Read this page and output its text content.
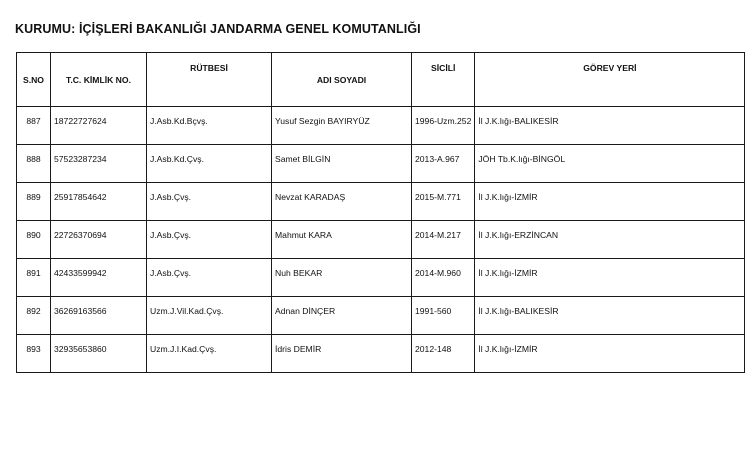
KURUMU: İÇİŞLERİ BAKANLIĞI JANDARMA GENEL KOMUTANLIĞI
S.NO	T.C. KİMLİK NO.	RÜTBESİ	ADI SOYADI	SİCİLİ	GÖREV YERİ
887	18722727624	J.Asb.Kd.Bçvş.	Yusuf Sezgin BAYIRYÜZ	1996-Uzm.252	İl J.K.lığı-BALIKESİR
888	57523287234	J.Asb.Kd.Çvş.	Samet BİLGİN	2013-A.967	JÖH Tb.K.lığı-BİNGÖL
889	25917854642	J.Asb.Çvş.	Nevzat KARADAŞ	2015-M.771	İl J.K.lığı-İZMİR
890	22726370694	J.Asb.Çvş.	Mahmut KARA	2014-M.217	İl J.K.lığı-ERZİNCAN
891	42433599942	J.Asb.Çvş.	Nuh BEKAR	2014-M.960	İl J.K.lığı-İZMİR
892	36269163566	Uzm.J.Vil.Kad.Çvş.	Adnan DİNÇER	1991-560	İl J.K.lığı-BALIKESİR
893	32935653860	Uzm.J.I.Kad.Çvş.	İdris DEMİR	2012-148	İl J.K.lığı-İZMİR
